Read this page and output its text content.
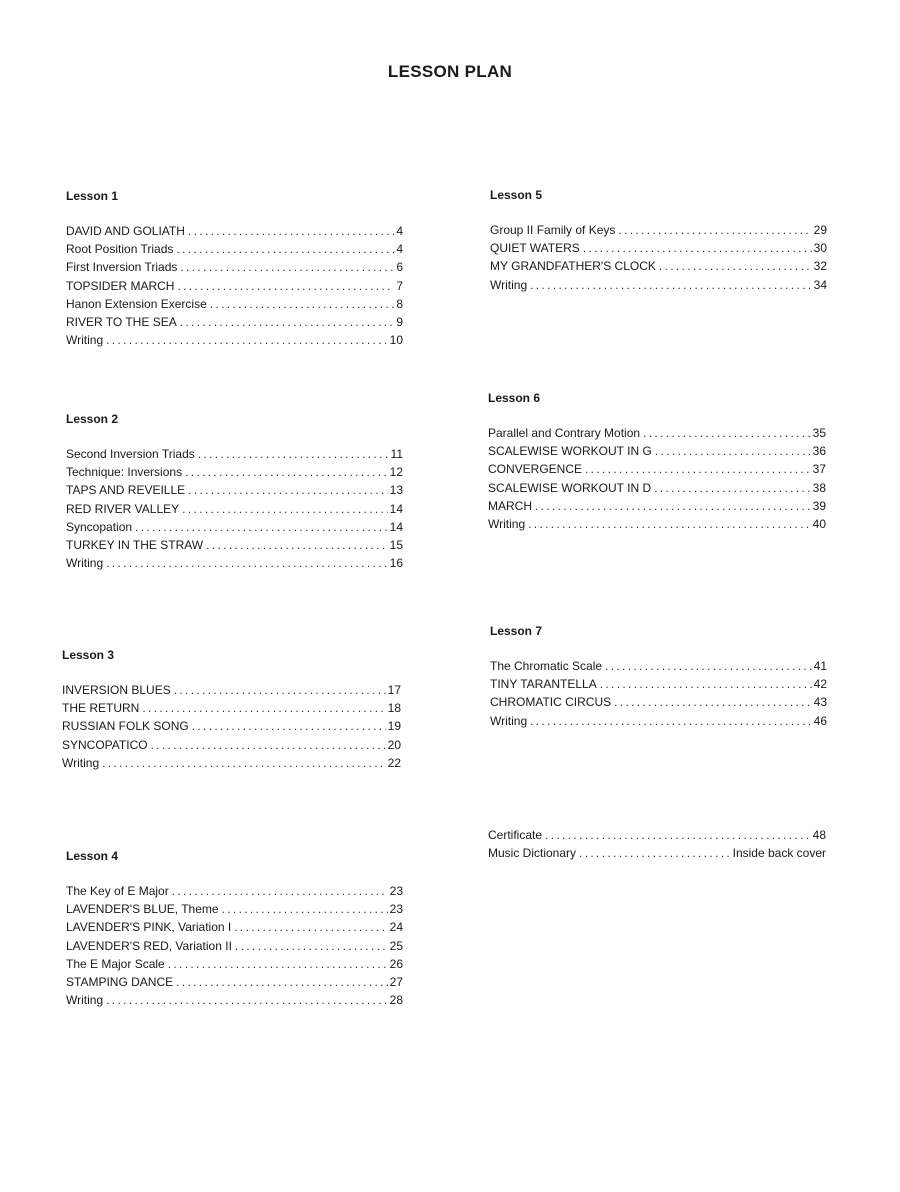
LESSON PLAN
Lesson 1
DAVID AND GOLIATH . . .	4
Root Position Triads . . .	4
First Inversion Triads . . .	6
TOPSIDER MARCH . . .	7
Hanon Extension Exercise . . .	8
RIVER TO THE SEA . . .	9
Writing . . .	10
Lesson 2
Second Inversion Triads . . .	11
Technique: Inversions . . .	12
TAPS AND REVEILLE . . .	13
RED RIVER VALLEY . . .	14
Syncopation . . .	14
TURKEY IN THE STRAW . . .	15
Writing . . .	16
Lesson 3
INVERSION BLUES . . .	17
THE RETURN . . .	18
RUSSIAN FOLK SONG . . .	19
SYNCOPATICO . . .	20
Writing . . .	22
Lesson 4
The Key of E Major . . .	23
LAVENDER'S BLUE, Theme . . .	23
LAVENDER'S PINK, Variation I . . .	24
LAVENDER'S RED, Variation II . . .	25
The E Major Scale . . .	26
STAMPING DANCE . . .	27
Writing . . .	28
Lesson 5
Group II Family of Keys . . .	29
QUIET WATERS . . .	30
MY GRANDFATHER'S CLOCK . . .	32
Writing . . .	34
Lesson 6
Parallel and Contrary Motion . . .	35
SCALEWISE WORKOUT IN G . . .	36
CONVERGENCE . . .	37
SCALEWISE WORKOUT IN D . . .	38
MARCH . . .	39
Writing . . .	40
Lesson 7
The Chromatic Scale . . .	41
TINY TARANTELLA . . .	42
CHROMATIC CIRCUS . . .	43
Writing . . .	46
Certificate . . .	48
Music Dictionary . . .	Inside back cover
